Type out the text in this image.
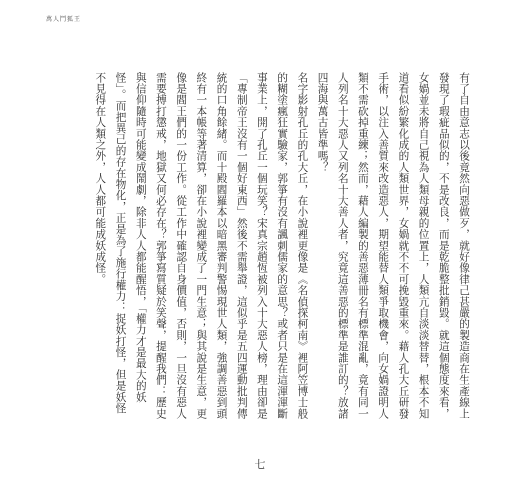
萬人鬥狐王

有了自由意志以後竟然向惡做歹，就好像律己甚嚴的製造商在生產線上發現了瑕疵品似的，不是改良，而是乾脆整批銷毀。就這個態度來看，女媧並未將自己視為人類母親的位置上，人類亢自淡淡替替，根本不知道看似紛繁化成的人類世界，女媧就不不可挽毀重來。藉人孔大丘研發手術，以注入善質來改造惡人，期望能替人類爭取機會，向女媧證明人類不需砍掉重練；然而，藉人編製的善惡薄冊名有標準混亂，竟有同一人列名十大惡人又列名十大善人者，究竟這善惡的標準是誰訂的？放諸四海與萬古皆準嗎？

名字影射孔丘的孔大丘，在小說裡更像是《名偵探柯南》裡阿笠博士般的糊塗瘋狂實驗家，郭箏有沒有諷刺儒家的意思？或者只是在這渾渾斷事業上，開了孔丘一個玩笑？宋真宗趙恆被列入十大惡人榜，理由卻是「專制帝王沒有一個好東西」然後不需舉證，這似乎是五四運動批判傳統的口角餘緒。而十殿閻羅本以暗黑審判警惕現世人類，強調善惡到頭終有一本帳等著清算，卻在小說裡變成了一門生意；與其說是生意，更像是閻王們的一份工作。從工作中確認自身價值，否則，一旦沒有惡人需要搏打懲戒，地獄又何必存在？郭箏寫質疑於笑聲，提醒我們：歷史與信仰隨時可能變成鬧劇，除非人人都能醒悟，「權力才是最大的妖怪」。而把異己的存在物化，正是為了施行權力：捉妖打怪，但是妖怪不見得在人類之外，人人都可能成妖成怪。

七
